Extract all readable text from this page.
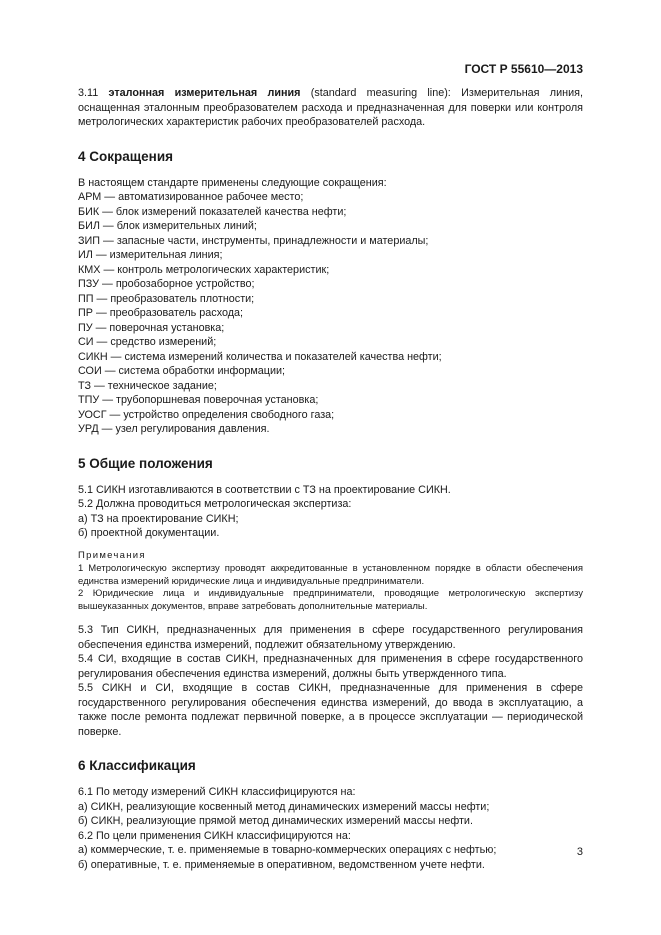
ГОСТ Р 55610—2013

3.11 эталонная измерительная линия (standard measuring line): Измерительная линия, оснащенная эталонным преобразователем расхода и предназначенная для поверки или контроля метрологических характеристик рабочих преобразователей расхода.

4 Сокращения

В настоящем стандарте применены следующие сокращения:

АРМ — автоматизированное рабочее место;

БИК — блок измерений показателей качества нефти;

БИЛ — блок измерительных линий;

ЗИП — запасные части, инструменты, принадлежности и материалы;

ИЛ — измерительная линия;

КМХ — контроль метрологических характеристик;

ПЗУ — пробозаборное устройство;

ПП — преобразователь плотности;

ПР — преобразователь расхода;

ПУ — поверочная установка;

СИ — средство измерений;

СИКН — система измерений количества и показателей качества нефти;

СОИ — система обработки информации;

ТЗ — техническое задание;

ТПУ — трубопоршневая поверочная установка;

УОСГ — устройство определения свободного газа;

УРД — узел регулирования давления.

5 Общие положения

5.1 СИКН изготавливаются в соответствии с ТЗ на проектирование СИКН.

5.2 Должна проводиться метрологическая экспертиза:

а) ТЗ на проектирование СИКН;

б) проектной документации.

Примечания

1 Метрологическую экспертизу проводят аккредитованные в установленном порядке в области обеспечения единства измерений юридические лица и индивидуальные предприниматели.

2 Юридические лица и индивидуальные предприниматели, проводящие метрологическую экспертизу вышеуказанных документов, вправе затребовать дополнительные материалы.

5.3 Тип СИКН, предназначенных для применения в сфере государственного регулирования обеспечения единства измерений, подлежит обязательному утверждению.

5.4 СИ, входящие в состав СИКН, предназначенных для применения в сфере государственного регулирования обеспечения единства измерений, должны быть утвержденного типа.

5.5 СИКН и СИ, входящие в состав СИКН, предназначенные для применения в сфере государственного регулирования обеспечения единства измерений, до ввода в эксплуатацию, а также после ремонта подлежат первичной поверке, а в процессе эксплуатации — периодической поверке.

6 Классификация

6.1 По методу измерений СИКН классифицируются на:

а) СИКН, реализующие косвенный метод динамических измерений массы нефти;

б) СИКН, реализующие прямой метод динамических измерений массы нефти.

6.2 По цели применения СИКН классифицируются на:

а) коммерческие, т. е. применяемые в товарно-коммерческих операциях с нефтью;

б) оперативные, т. е. применяемые в оперативном, ведомственном учете нефти.

3
